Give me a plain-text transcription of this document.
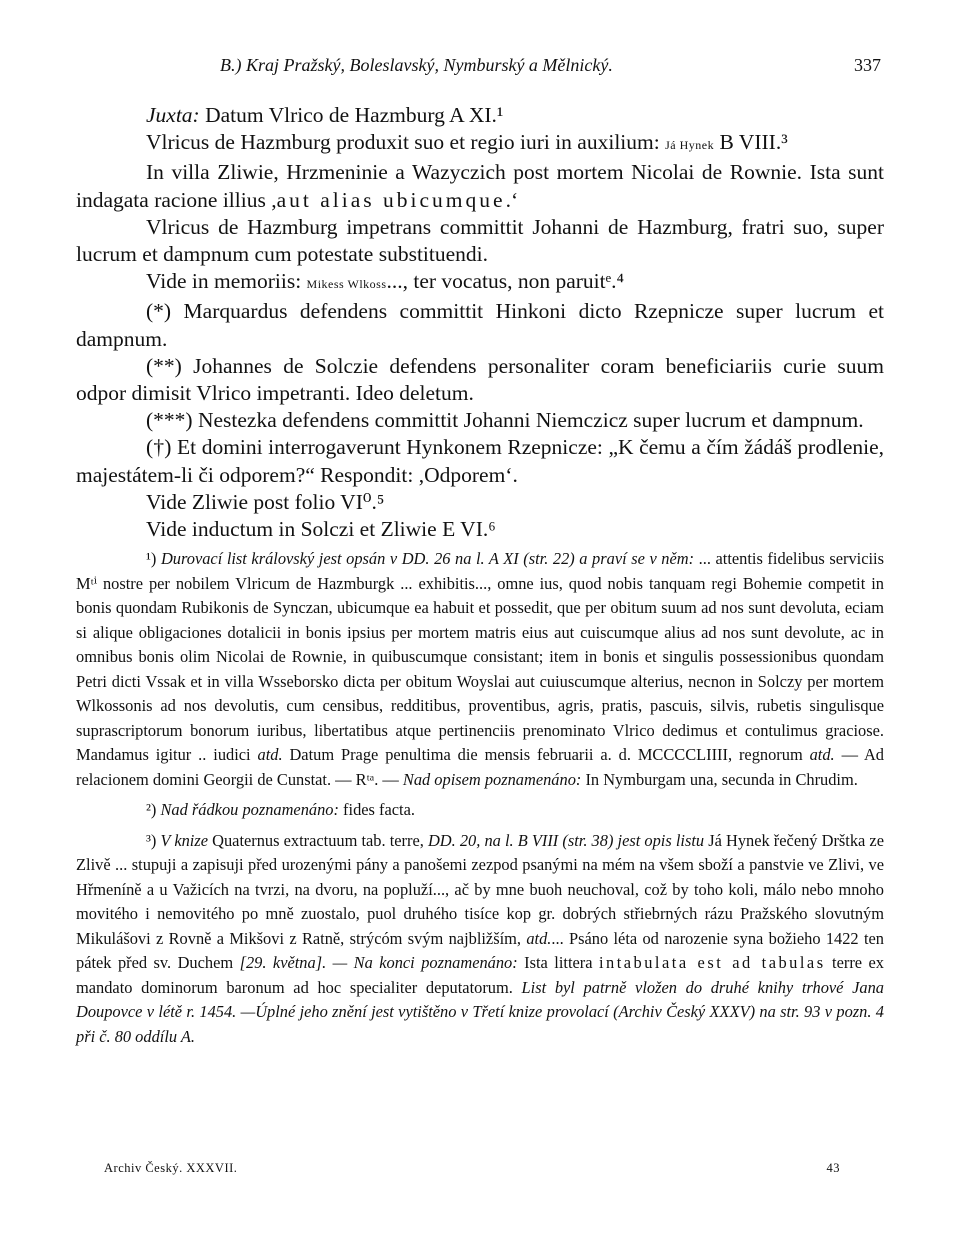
B.) Kraj Pražský, Boleslavský, Nymburský a Mělnický.	337

Juxta: Datum Vlrico de Hazmburg A XI.¹

Vlricus de Hazmburg produxit suo et regio iuri in auxilium: Já Hynek B VIII.³

In villa Zliwie, Hrzmeninie a Wazyczich post mortem Nicolai de Rownie. Ista sunt indagata racione illius ,aut alias ubicumque.‘

Vlricus de Hazmburg impetrans committit Johanni de Hazmburg, fratri suo, super lucrum et dampnum cum potestate substituendi.

Vide in memoriis: Mikess Wlkoss..., ter vocatus, non paruitᵉ.⁴

(*) Marquardus defendens committit Hinkoni dicto Rzepnicze super lucrum et dampnum.

(**) Johannes de Solczie defendens personaliter coram beneficiariis curie suum odpor dimisit Vlrico impetranti. Ideo deletum.

(***) Nestezka defendens committit Johanni Niemczicz super lucrum et dampnum.

(†) Et domini interrogaverunt Hynkonem Rzepnicze: „K čemu a čím žádáš prodlenie, majestátem-li či odporem?“ Respondit: ,Odporem‘.

Vide Zliwie post folio VI⁰.⁵

Vide inductum in Solczi et Zliwie E VI.⁶

¹) Durovací list královský jest opsán v DD. 26 na l. A XI (str. 22) a praví se v něm: ... attentis fidelibus serviciis Mᵗⁱ nostre per nobilem Vlricum de Hazmburgk ... exhibitis..., omne ius, quod nobis tanquam regi Bohemie competit in bonis quondam Rubikonis de Synczan, ubicumque ea habuit et possedit, que per obitum suum ad nos sunt devoluta, eciam si alique obligaciones dotalicii in bonis ipsius per mortem matris eius aut cuiscumque alius ad nos sunt devolute, ac in omnibus bonis olim Nicolai de Rownie, in quibuscumque consistant; item in bonis et singulis possessionibus quondam Petri dicti Vssak et in villa Wsseborsko dicta per obitum Woyslai aut cuiuscumque alterius, necnon in Solczy per mortem Wlkossonis ad nos devolutis, cum censibus, redditibus, proventibus, agris, pratis, pascuis, silvis, rubetis singulisque suprascriptorum bonorum iuribus, libertatibus atque pertinenciis prenominato Vlrico dedimus et contulimus graciose. Mandamus igitur .. iudici atd. Datum Prage penultima die mensis februarii a. d. MCCCCLIIII, regnorum atd. — Ad relacionem domini Georgii de Cunstat. — Rᵗᵃ. — Nad opisem poznamenáno: In Nymburgam una, secunda in Chrudim.

²) Nad řádkou poznamenáno: fides facta.

³) V knize Quaternus extractuum tab. terre, DD. 20, na l. B VIII (str. 38) jest opis listu Já Hynek řečený Drštka ze Zlivě ... stupuji a zapisuji před urozenými pány a panošemi zezpod psanými na mém na všem sboží a panstvie ve Zlivi, ve Hřmeníně a u Važicích na tvrzi, na dvoru, na popluží..., ač by mne buoh neuchoval, což by toho koli, málo nebo mnoho movitého i nemovitého po mně zuostalo, puol druhého tisíce kop gr. dobrých střiebrných rázu Pražského slovutným Mikulášovi z Rovně a Mikšovi z Ratně, strýcóm svým najbližším, atd.... Psáno léta od narozenie syna božieho 1422 ten pátek před sv. Duchem [29. května]. — Na konci poznamenáno: Ista littera intabulata est ad tabulas terre ex mandato dominorum baronum ad hoc specialiter deputatorum. List byl patrně vložen do druhé knihy trhové Jana Doupovce v létě r. 1454. —Úplné jeho znění jest vytištěno v Třetí knize provolací (Archiv Český XXXV) na str. 93 v pozn. 4 při č. 80 oddílu A.

Archiv Český. XXXVII.	43
